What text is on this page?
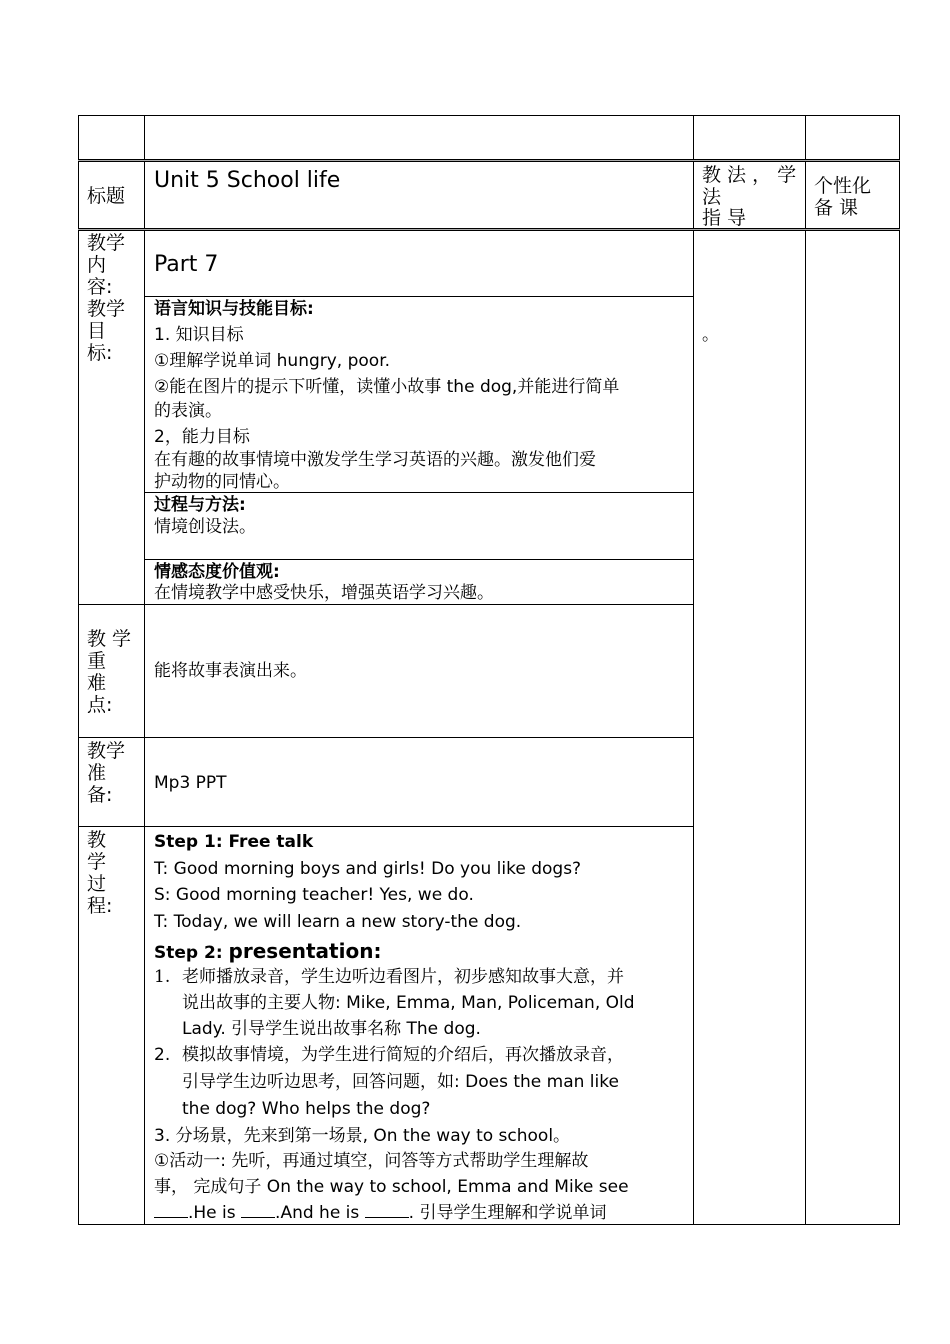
标题
Unit 5 School life	教 法 ， 学
法
指 导
个性化
备 课
教学
内
容:
Part 7
教学
目
标:
语言知识与技能目标:
1. 知识目标
①理解学说单词 hungry, poor.
②能在图片的提示下听懂，读懂小故事 the dog,并能进行简单
的表演。
2，能力目标
在有趣的故事情境中激发学生学习英语的兴趣。激发他们爱
护动物的同情心。
过程与方法:
情境创设法。
情感态度价值观:
在情境教学中感受快乐，增强英语学习兴趣。
。
教 学
重
难
点:
能将故事表演出来。
教学
准
备:
Mp3 PPT
教
学
过
程:
Step 1: Free talk
T: Good morning boys and girls! Do you like dogs?
S: Good morning teacher! Yes, we do.
T: Today, we will learn a new story-the dog.
Step 2: presentation:
1. 老师播放录音，学生边听边看图片，初步感知故事大意，并
说出故事的主要人物: Mike, Emma, Man, Policeman, Old
Lady. 引导学生说出故事名称 The dog.
2. 模拟故事情境，为学生进行简短的介绍后，再次播放录音，
引导学生边听边思考，回答问题，如: Does the man like
the dog? Who helps the dog?
3. 分场景，先来到第一场景, On the way to school。
①活动一: 先听，再通过填空，问答等方式帮助学生理解故
事， 完成句子 On the way to school, Emma and Mike see
.He is .And he is	. 引导学生理解和学说单词
